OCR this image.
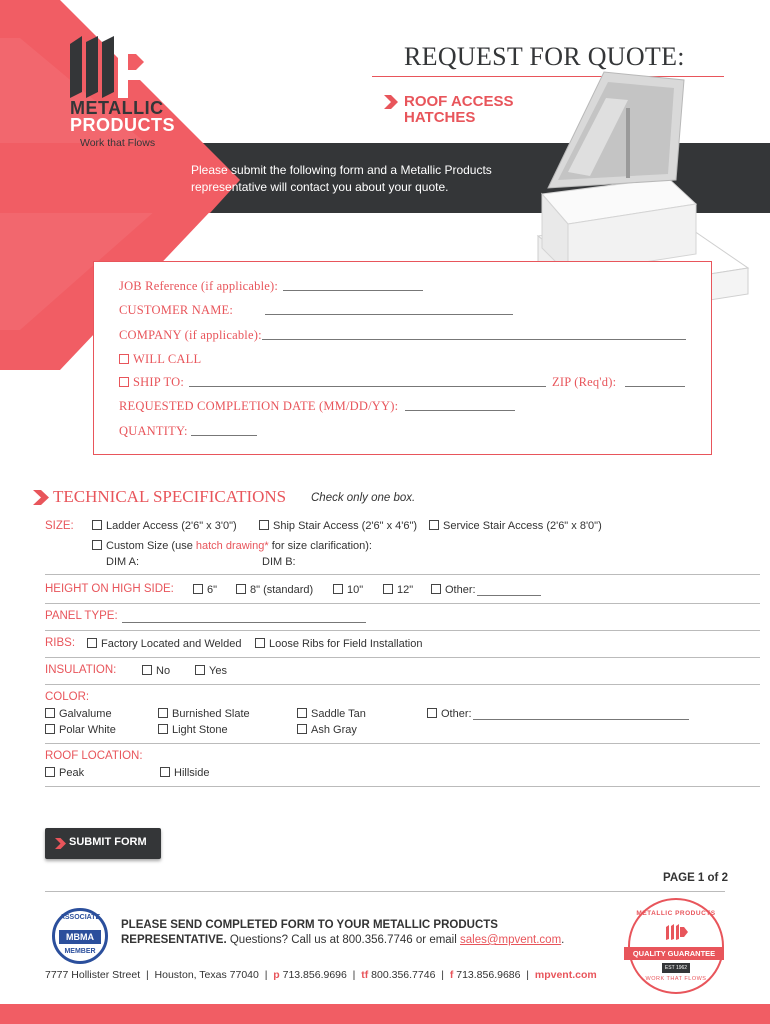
METALLIC
PRODUCTS
Work that Flows
REQUEST FOR QUOTE:
ROOF ACCESS
HATCHES
Please submit the following form and a Metallic Products
representative will contact you about your quote.
JOB Reference (if applicable):
CUSTOMER NAME:
COMPANY (if applicable):
WILL CALL
SHIP TO:	ZIP (Req'd):
REQUESTED COMPLETION DATE (MM/DD/YY):
QUANTITY:
TECHNICAL SPECIFICATIONS Check only one box.
SIZE:	Ladder Access (2'6" x 3'0")	Ship Stair Access (2'6" x 4'6")	Service Stair Access (2'6" x 8'0")
Custom Size (use hatch drawing* for size clarification):
DIM A:	DIM B:
HEIGHT ON HIGH SIDE:	6"	8" (standard)	10"	12"	Other:
PANEL TYPE:
RIBS:	Factory Located and Welded	Loose Ribs for Field Installation
INSULATION:	No	Yes
COLOR:
Galvalume	Burnished Slate	Saddle Tan	Other:
Polar White	Light Stone	Ash Gray
ROOF LOCATION:
Peak	Hillside
SUBMIT FORM
PAGE 1 of 2
ASSOCIATE
MBMA
MEMBER
PLEASE SEND COMPLETED FORM TO YOUR METALLIC PRODUCTS
REPRESENTATIVE. Questions? Call us at 800.356.7746 or email sales@mpvent.com.
7777 Hollister Street  |  Houston, Texas 77040  |  p 713.856.9696  |  tf 800.356.7746  |  f 713.856.9686  |  mpvent.com
METALLIC PRODUCTS
QUALITY GUARANTEE
EST 1962
WORK THAT FLOWS
